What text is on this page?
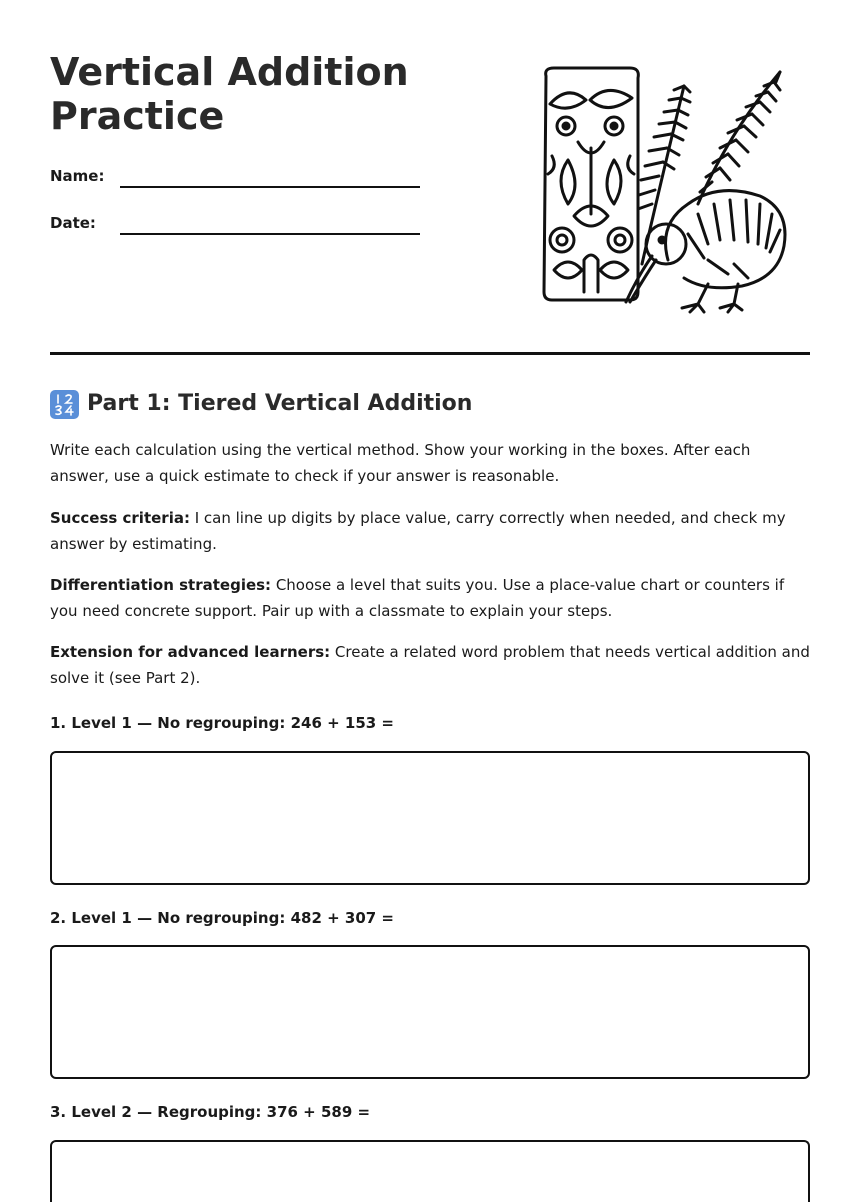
Vertical Addition Practice
Name:
Date:
Part 1: Tiered Vertical Addition

Write each calculation using the vertical method. Show your working in the boxes. After each answer, use a quick estimate to check if your answer is reasonable.

Success criteria: I can line up digits by place value, carry correctly when needed, and check my answer by estimating.

Differentiation strategies: Choose a level that suits you. Use a place-value chart or counters if you need concrete support. Pair up with a classmate to explain your steps.

Extension for advanced learners: Create a related word problem that needs vertical addition and solve it (see Part 2).

1. Level 1 — No regrouping: 246 + 153 =

2. Level 1 — No regrouping: 482 + 307 =

3. Level 2 — Regrouping: 376 + 589 =
